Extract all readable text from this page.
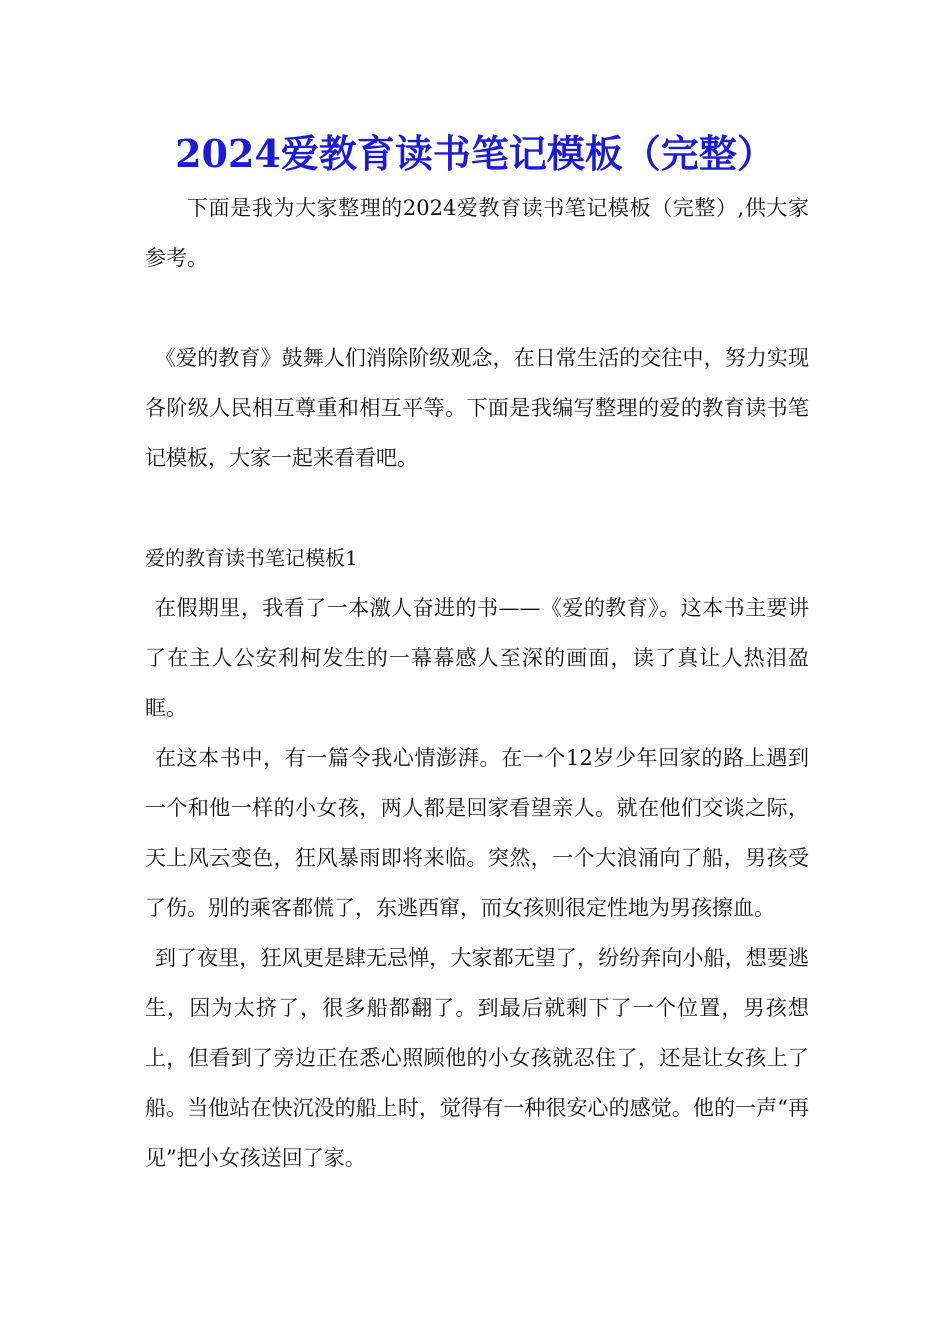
2024爱教育读书笔记模板（完整）

下面是我为大家整理的2024爱教育读书笔记模板（完整）,供大家参考。

《爱的教育》鼓舞人们消除阶级观念，在日常生活的交往中，努力实现各阶级人民相互尊重和相互平等。下面是我编写整理的爱的教育读书笔记模板，大家一起来看看吧。

爱的教育读书笔记模板1

在假期里，我看了一本激人奋进的书——《爱的教育》。这本书主要讲了在主人公安利柯发生的一幕幕感人至深的画面，读了真让人热泪盈眶。

在这本书中，有一篇令我心情澎湃。在一个12岁少年回家的路上遇到一个和他一样的小女孩，两人都是回家看望亲人。就在他们交谈之际，天上风云变色，狂风暴雨即将来临。突然，一个大浪涌向了船，男孩受了伤。别的乘客都慌了，东逃西窜，而女孩则很定性地为男孩擦血。

到了夜里，狂风更是肆无忌惮，大家都无望了，纷纷奔向小船，想要逃生，因为太挤了，很多船都翻了。到最后就剩下了一个位置，男孩想上，但看到了旁边正在悉心照顾他的小女孩就忍住了，还是让女孩上了船。当他站在快沉没的船上时，觉得有一种很安心的感觉。他的一声“再见”把小女孩送回了家。
